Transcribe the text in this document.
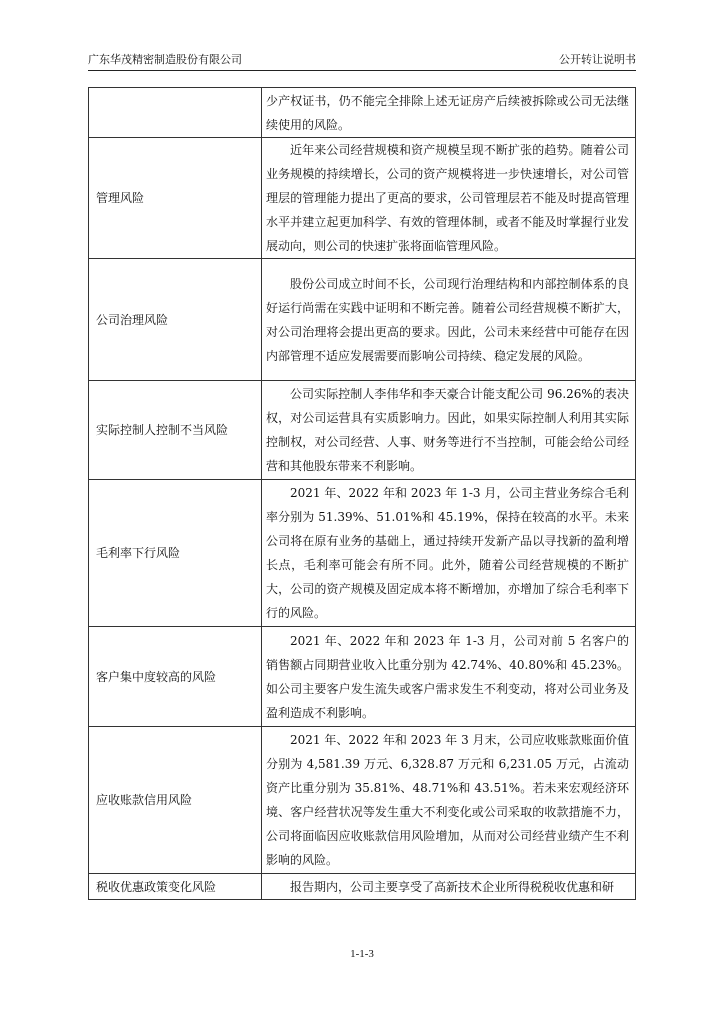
广东华茂精密制造股份有限公司	公开转让说明书
	少产权证书，仍不能完全排除上述无证房产后续被拆除或公司无法继续使用的风险。
管理风险	近年来公司经营规模和资产规模呈现不断扩张的趋势。随着公司业务规模的持续增长，公司的资产规模将进一步快速增长，对公司管理层的管理能力提出了更高的要求，公司管理层若不能及时提高管理水平并建立起更加科学、有效的管理体制，或者不能及时掌握行业发展动向，则公司的快速扩张将面临管理风险。
公司治理风险	股份公司成立时间不长，公司现行治理结构和内部控制体系的良好运行尚需在实践中证明和不断完善。随着公司经营规模不断扩大，对公司治理将会提出更高的要求。因此，公司未来经营中可能存在因内部管理不适应发展需要而影响公司持续、稳定发展的风险。
实际控制人控制不当风险	公司实际控制人李伟华和李天豪合计能支配公司 96.26%的表决权，对公司运营具有实质影响力。因此，如果实际控制人利用其实际控制权，对公司经营、人事、财务等进行不当控制，可能会给公司经营和其他股东带来不利影响。
毛利率下行风险	2021 年、2022 年和 2023 年 1-3 月，公司主营业务综合毛利率分别为 51.39%、51.01%和 45.19%，保持在较高的水平。未来公司将在原有业务的基础上，通过持续开发新产品以寻找新的盈利增长点，毛利率可能会有所不同。此外，随着公司经营规模的不断扩大，公司的资产规模及固定成本将不断增加，亦增加了综合毛利率下行的风险。
客户集中度较高的风险	2021 年、2022 年和 2023 年 1-3 月，公司对前 5 名客户的销售额占同期营业收入比重分别为 42.74%、40.80%和 45.23%。如公司主要客户发生流失或客户需求发生不利变动，将对公司业务及盈利造成不利影响。
应收账款信用风险	2021 年、2022 年和 2023 年 3 月末，公司应收账款账面价值分别为 4,581.39 万元、6,328.87 万元和 6,231.05 万元，占流动资产比重分别为 35.81%、48.71%和 43.51%。若未来宏观经济环境、客户经营状况等发生重大不利变化或公司采取的收款措施不力，公司将面临因应收账款信用风险增加，从而对公司经营业绩产生不利影响的风险。
税收优惠政策变化风险	报告期内，公司主要享受了高新技术企业所得税税收优惠和研
1-1-3
